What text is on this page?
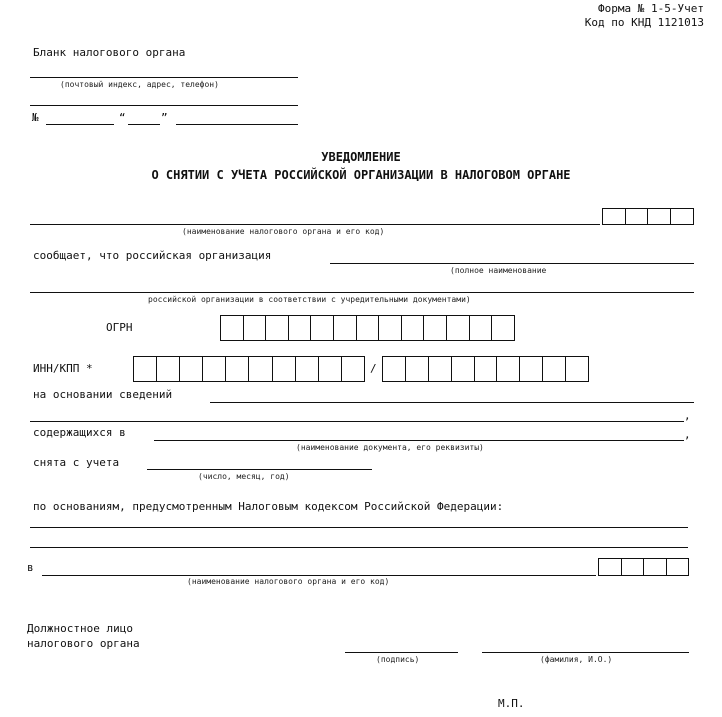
Форма № 1-5-Учет
Код по КНД 1121013
Бланк налогового органа
(почтовый индекс, адрес, телефон)
№	“	”
УВЕДОМЛЕНИЕ
О СНЯТИИ С УЧЕТА РОССИЙСКОЙ ОРГАНИЗАЦИИ В НАЛОГОВОМ ОРГАНЕ
(наименование налогового органа и его код)
сообщает, что российская организация
(полное наименование
российской организации в соответствии с учредительными документами)
ОГРН
ИНН/КПП *	/
на основании сведений
,
содержащихся в	,
(наименование документа, его реквизиты)
снята с учета
(число, месяц, год)
по основаниям, предусмотренным Налоговым кодексом Российской Федерации:
в
(наименование налогового органа и его код)
Должностное лицо
налогового органа
(подпись)	(фамилия, И.О.)
М.П.
